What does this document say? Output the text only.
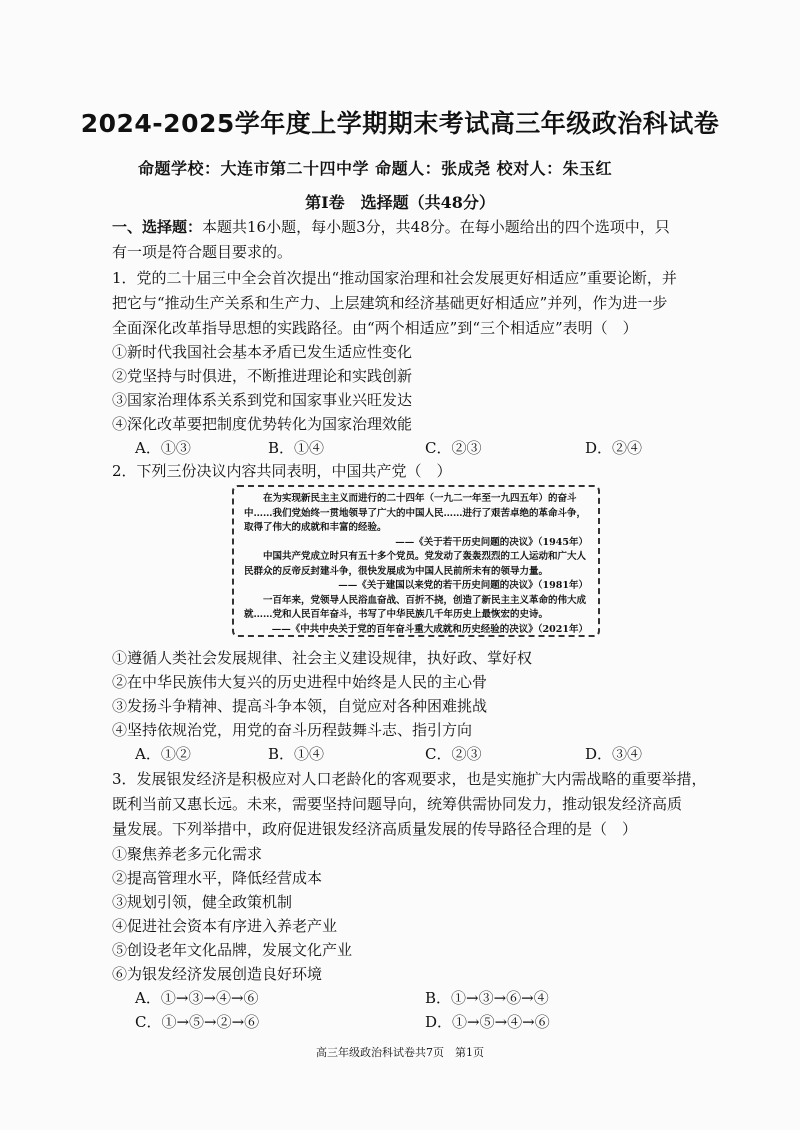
2024-2025学年度上学期期末考试高三年级政治科试卷
命题学校：大连市第二十四中学 命题人：张成尧 校对人：朱玉红
第Ⅰ卷　选择题（共48分）
一、选择题：本题共16小题，每小题3分，共48分。在每小题给出的四个选项中，只
有一项是符合题目要求的。
1．党的二十届三中全会首次提出“推动国家治理和社会发展更好相适应”重要论断，并
把它与“推动生产关系和生产力、上层建筑和经济基础更好相适应”并列，作为进一步
全面深化改革指导思想的实践路径。由“两个相适应”到“三个相适应”表明（　）
①新时代我国社会基本矛盾已发生适应性变化
②党坚持与时俱进，不断推进理论和实践创新
③国家治理体系关系到党和国家事业兴旺发达
④深化改革要把制度优势转化为国家治理效能
A．①③	B．①④	C．②③	D．②④
2．下列三份决议内容共同表明，中国共产党（　）

在为实现新民主主义而进行的二十四年（一九二一年至一九四五年）的奋斗中……我们党始终一贯地领导了广大的中国人民……进行了艰苦卓绝的革命斗争，取得了伟大的成就和丰富的经验。

——《关于若干历史问题的决议》（1945年）

中国共产党成立时只有五十多个党员。党发动了轰轰烈烈的工人运动和广大人民群众的反帝反封建斗争，很快发展成为中国人民前所未有的领导力量。

——《关于建国以来党的若干历史问题的决议》（1981年）

一百年来，党领导人民浴血奋战、百折不挠，创造了新民主主义革命的伟大成就……党和人民百年奋斗，书写了中华民族几千年历史上最恢宏的史诗。

——《中共中央关于党的百年奋斗重大成就和历史经验的决议》（2021年）

①遵循人类社会发展规律、社会主义建设规律，执好政、掌好权
②在中华民族伟大复兴的历史进程中始终是人民的主心骨
③发扬斗争精神、提高斗争本领，自觉应对各种困难挑战
④坚持依规治党，用党的奋斗历程鼓舞斗志、指引方向
A．①②	B．①④	C．②③	D．③④
3．发展银发经济是积极应对人口老龄化的客观要求，也是实施扩大内需战略的重要举措，
既利当前又惠长远。未来，需要坚持问题导向，统筹供需协同发力，推动银发经济高质
量发展。下列举措中，政府促进银发经济高质量发展的传导路径合理的是（　）
①聚焦养老多元化需求
②提高管理水平，降低经营成本
③规划引领，健全政策机制
④促进社会资本有序进入养老产业
⑤创设老年文化品牌，发展文化产业
⑥为银发经济发展创造良好环境
A．①→③→④→⑥	B．①→③→⑥→④
C．①→⑤→②→⑥	D．①→⑤→④→⑥
高三年级政治科试卷共7页　第1页
